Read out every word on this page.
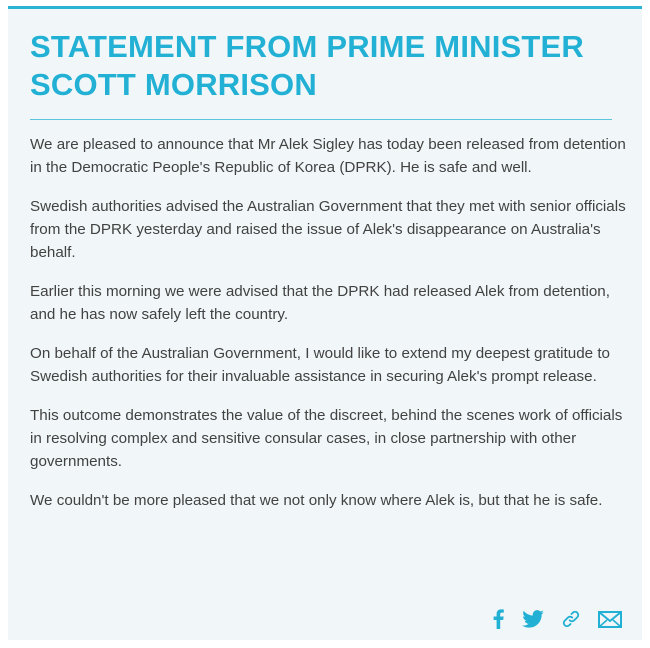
STATEMENT FROM PRIME MINISTER SCOTT MORRISON

We are pleased to announce that Mr Alek Sigley has today been released from detention in the Democratic People's Republic of Korea (DPRK). He is safe and well.

Swedish authorities advised the Australian Government that they met with senior officials from the DPRK yesterday and raised the issue of Alek's disappearance on Australia's behalf.

Earlier this morning we were advised that the DPRK had released Alek from detention, and he has now safely left the country.

On behalf of the Australian Government, I would like to extend my deepest gratitude to Swedish authorities for their invaluable assistance in securing Alek's prompt release.

This outcome demonstrates the value of the discreet, behind the scenes work of officials in resolving complex and sensitive consular cases, in close partnership with other governments.

We couldn't be more pleased that we not only know where Alek is, but that he is safe.
